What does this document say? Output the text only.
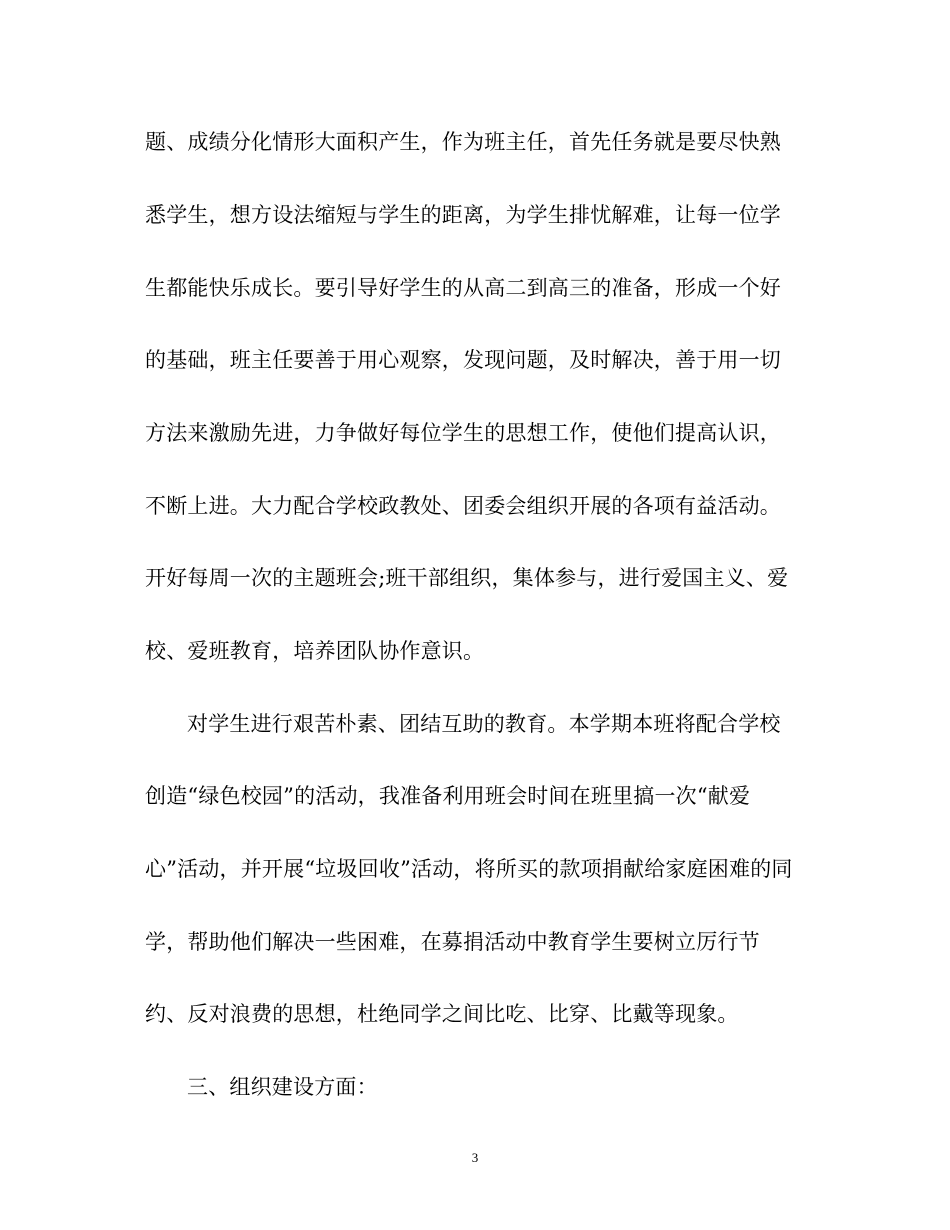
题、成绩分化情形大面积产生，作为班主任，首先任务就是要尽快熟
悉学生，想方设法缩短与学生的距离，为学生排忧解难，让每一位学
生都能快乐成长。要引导好学生的从高二到高三的准备，形成一个好
的基础，班主任要善于用心观察，发现问题，及时解决，善于用一切
方法来激励先进，力争做好每位学生的思想工作，使他们提高认识，
不断上进。大力配合学校政教处、团委会组织开展的各项有益活动。
开好每周一次的主题班会;班干部组织，集体参与，进行爱国主义、爱
校、爱班教育，培养团队协作意识。
对学生进行艰苦朴素、团结互助的教育。本学期本班将配合学校
创造“绿色校园”的活动，我准备利用班会时间在班里搞一次“献爱
心”活动，并开展“垃圾回收”活动，将所买的款项捐献给家庭困难的同
学，帮助他们解决一些困难，在募捐活动中教育学生要树立厉行节
约、反对浪费的思想，杜绝同学之间比吃、比穿、比戴等现象。
三、组织建设方面：
3
